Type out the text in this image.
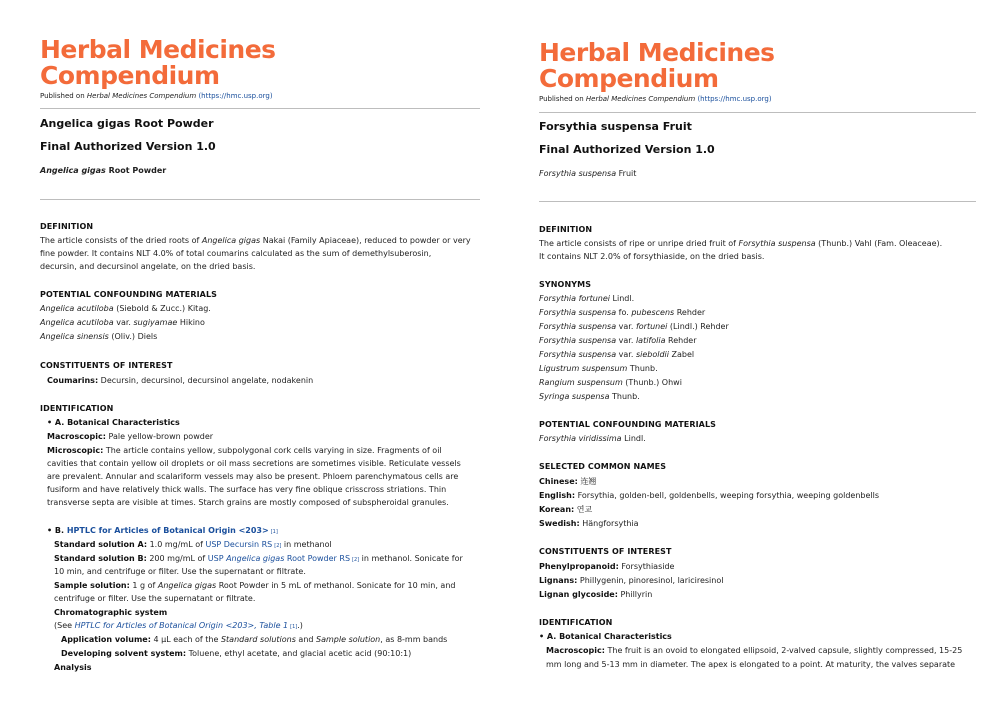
Herbal Medicines
Compendium
Published on Herbal Medicines Compendium (https://hmc.usp.org)
Angelica gigas Root Powder
Final Authorized Version 1.0
Angelica gigas Root Powder
DEFINITION
The article consists of the dried roots of Angelica gigas Nakai (Family Apiaceae), reduced to powder or very
fine powder. It contains NLT 4.0% of total coumarins calculated as the sum of demethylsuberosin,
decursin, and decursinol angelate, on the dried basis.
POTENTIAL CONFOUNDING MATERIALS
Angelica acutiloba (Siebold & Zucc.) Kitag.
Angelica acutiloba var. sugiyamae Hikino
Angelica sinensis (Oliv.) Diels
CONSTITUENTS OF INTEREST
Coumarins: Decursin, decursinol, decursinol angelate, nodakenin
IDENTIFICATION
• A. Botanical Characteristics
Macroscopic: Pale yellow-brown powder
Microscopic: The article contains yellow, subpolygonal cork cells varying in size. Fragments of oil
cavities that contain yellow oil droplets or oil mass secretions are sometimes visible. Reticulate vessels
are prevalent. Annular and scalariform vessels may also be present. Phloem parenchymatous cells are
fusiform and have relatively thick walls. The surface has very fine oblique crisscross striations. Thin
transverse septa are visible at times. Starch grains are mostly composed of subspheroidal granules.
• B. HPTLC for Articles of Botanical Origin <203> [1]
Standard solution A: 1.0 mg/mL of USP Decursin RS [2] in methanol
Standard solution B: 200 mg/mL of USP Angelica gigas Root Powder RS [2] in methanol. Sonicate for
10 min, and centrifuge or filter. Use the supernatant or filtrate.
Sample solution: 1 g of Angelica gigas Root Powder in 5 mL of methanol. Sonicate for 10 min, and
centrifuge or filter. Use the supernatant or filtrate.
Chromatographic system
(See HPTLC for Articles of Botanical Origin <203>, Table 1 [1].)
Application volume: 4 µL each of the Standard solutions and Sample solution, as 8-mm bands
Developing solvent system: Toluene, ethyl acetate, and glacial acetic acid (90:10:1)
Analysis
Herbal Medicines
Compendium
Published on Herbal Medicines Compendium (https://hmc.usp.org)
Forsythia suspensa Fruit
Final Authorized Version 1.0
Forsythia suspensa Fruit
DEFINITION
The article consists of ripe or unripe dried fruit of Forsythia suspensa (Thunb.) Vahl (Fam. Oleaceae).
It contains NLT 2.0% of forsythiaside, on the dried basis.
SYNONYMS
Forsythia fortunei Lindl.
Forsythia suspensa fo. pubescens Rehder
Forsythia suspensa var. fortunei (Lindl.) Rehder
Forsythia suspensa var. latifolia Rehder
Forsythia suspensa var. sieboldii Zabel
Ligustrum suspensum Thunb.
Rangium suspensum (Thunb.) Ohwi
Syringa suspensa Thunb.
POTENTIAL CONFOUNDING MATERIALS
Forsythia viridissima Lindl.
SELECTED COMMON NAMES
Chinese: 连翘
English: Forsythia, golden-bell, goldenbells, weeping forsythia, weeping goldenbells
Korean: 연교
Swedish: Hängforsythia
CONSTITUENTS OF INTEREST
Phenylpropanoid: Forsythiaside
Lignans: Phillygenin, pinoresinol, lariciresinol
Lignan glycoside: Phillyrin
IDENTIFICATION
• A. Botanical Characteristics
Macroscopic: The fruit is an ovoid to elongated ellipsoid, 2-valved capsule, slightly compressed, 15-25
mm long and 5-13 mm in diameter. The apex is elongated to a point. At maturity, the valves separate
